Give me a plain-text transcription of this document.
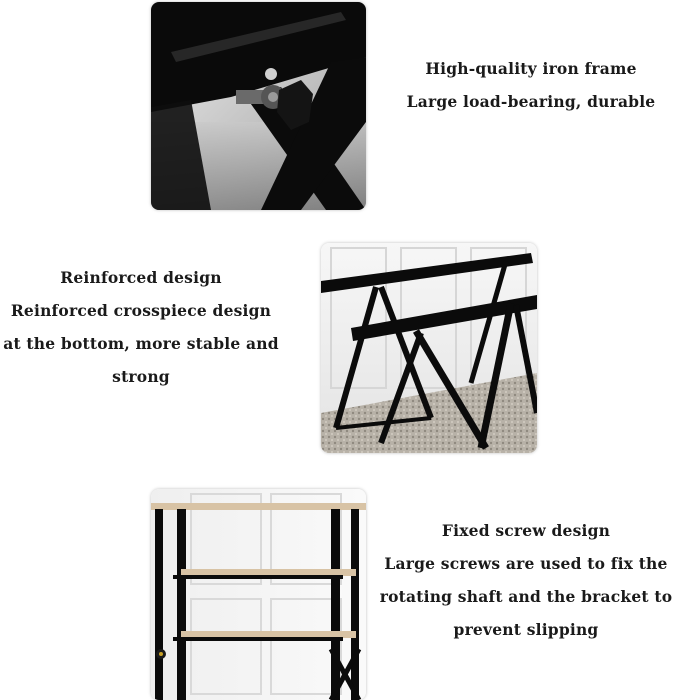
High-quality iron frame
Large load-bearing, durable
Reinforced design
Reinforced crosspiece design
at the bottom, more stable and
strong
Fixed screw design
Large screws are used to fix the
rotating shaft and the bracket to
prevent slipping
